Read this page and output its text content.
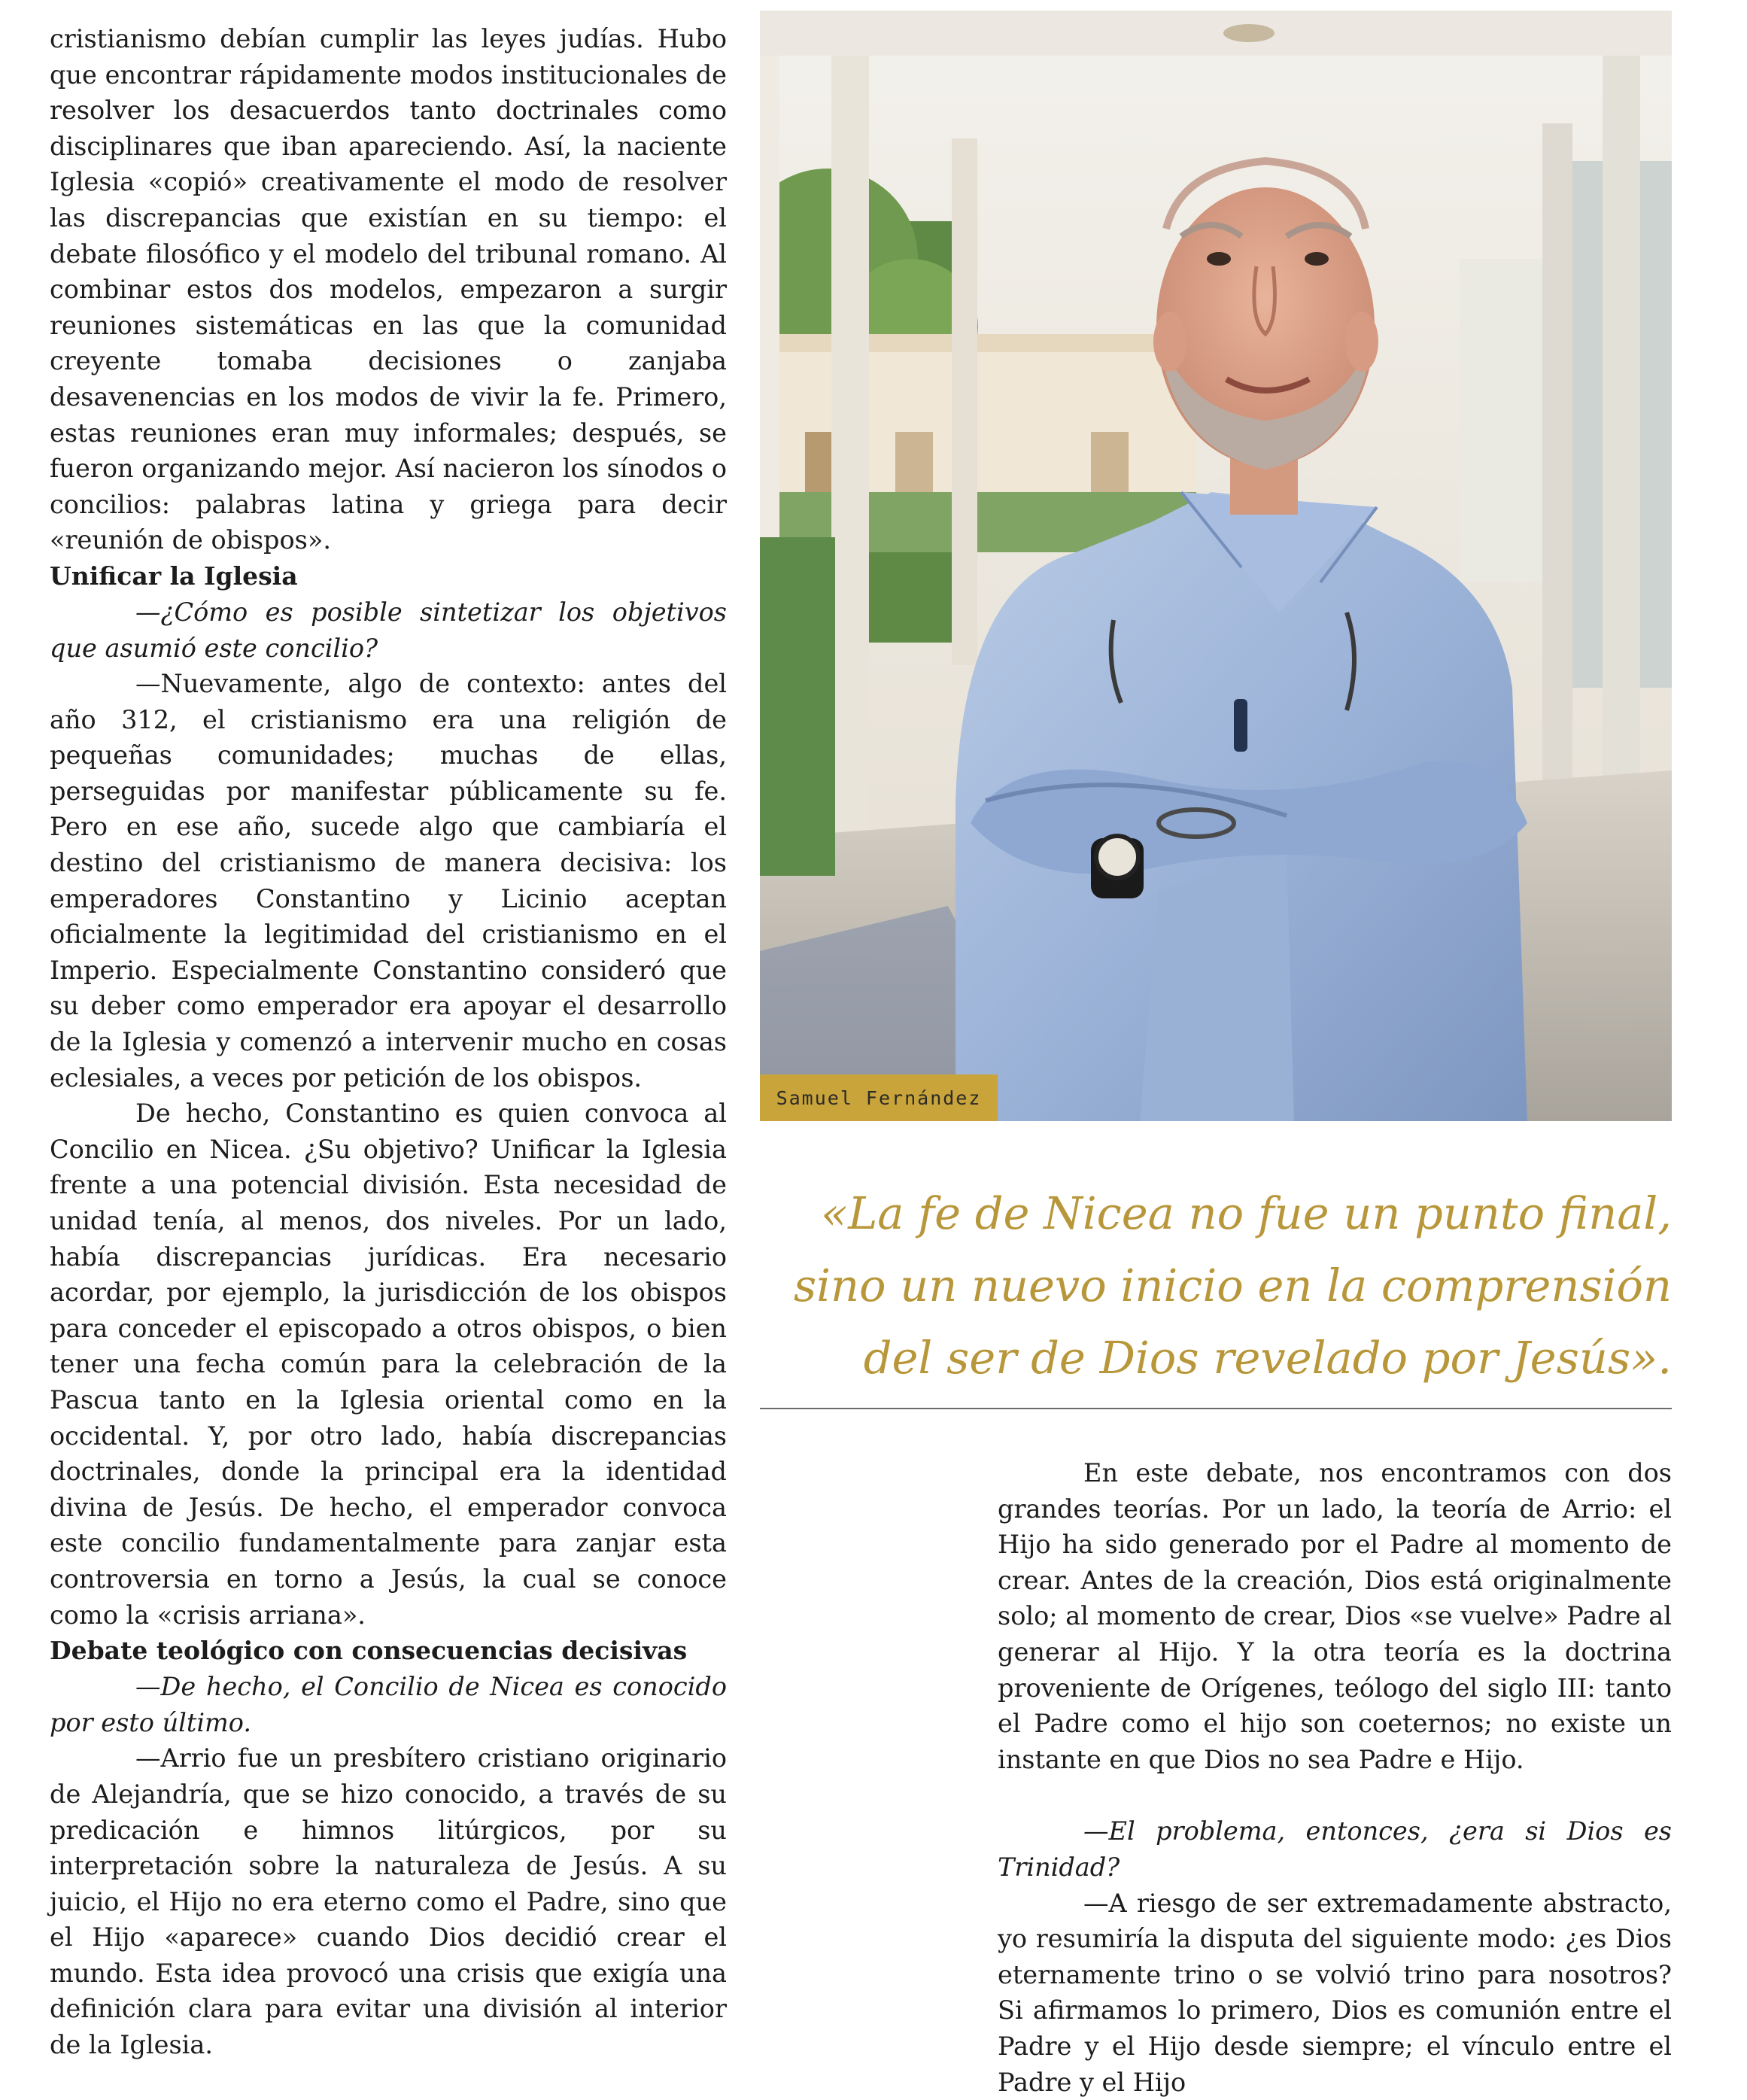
cristianismo debían cumplir las leyes judías. Hubo que encontrar rápidamente modos institucionales de resolver los desacuerdos tanto doctrinales como disciplinares que iban apareciendo. Así, la naciente Iglesia «copió» creativamente el modo de resolver las discrepancias que existían en su tiempo: el debate filosófico y el modelo del tribunal romano. Al combinar estos dos modelos, empezaron a surgir reuniones sistemáticas en las que la comunidad creyente tomaba decisiones o zanjaba desavenencias en los modos de vivir la fe. Primero, estas reuniones eran muy informales; después, se fueron organizando mejor. Así nacieron los sínodos o concilios: palabras latina y griega para decir «reunión de obispos».

Unificar la Iglesia

—¿Cómo es posible sintetizar los objetivos que asumió este concilio?

—Nuevamente, algo de contexto: antes del año 312, el cristianismo era una religión de pequeñas comunidades; muchas de ellas, perseguidas por manifestar públicamente su fe. Pero en ese año, sucede algo que cambiaría el destino del cristianismo de manera decisiva: los emperadores Constantino y Licinio aceptan oficialmente la legitimidad del cristianismo en el Imperio. Especialmente Constantino consideró que su deber como emperador era apoyar el desarrollo de la Iglesia y comenzó a intervenir mucho en cosas eclesiales, a veces por petición de los obispos.

De hecho, Constantino es quien convoca al Concilio en Nicea. ¿Su objetivo? Unificar la Iglesia frente a una potencial división. Esta necesidad de unidad tenía, al menos, dos niveles. Por un lado, había discrepancias jurídicas. Era necesario acordar, por ejemplo, la jurisdicción de los obispos para conceder el episcopado a otros obispos, o bien tener una fecha común para la celebración de la Pascua tanto en la Iglesia oriental como en la occidental. Y, por otro lado, había discrepancias doctrinales, donde la principal era la identidad divina de Jesús. De hecho, el emperador convoca este concilio fundamentalmente para zanjar esta controversia en torno a Jesús, la cual se conoce como la «crisis arriana».

Debate teológico con consecuencias decisivas

—De hecho, el Concilio de Nicea es conocido por esto último.

—Arrio fue un presbítero cristiano originario de Alejandría, que se hizo conocido, a través de su predicación e himnos litúrgicos, por su interpretación sobre la naturaleza de Jesús. A su juicio, el Hijo no era eterno como el Padre, sino que el Hijo «aparece» cuando Dios decidió crear el mundo. Esta idea provocó una crisis que exigía una definición clara para evitar una división al interior de la Iglesia.

Samuel Fernández

«La fe de Nicea no fue un punto final, sino un nuevo inicio en la comprensión del ser de Dios revelado por Jesús».

En este debate, nos encontramos con dos grandes teorías. Por un lado, la teoría de Arrio: el Hijo ha sido generado por el Padre al momento de crear. Antes de la creación, Dios está originalmente solo; al momento de crear, Dios «se vuelve» Padre al generar al Hijo. Y la otra teoría es la doctrina proveniente de Orígenes, teólogo del siglo III: tanto el Padre como el hijo son coeternos; no existe un instante en que Dios no sea Padre e Hijo.

—El problema, entonces, ¿era si Dios es Trinidad?

—A riesgo de ser extremadamente abstracto, yo resumiría la disputa del siguiente modo: ¿es Dios eternamente trino o se volvió trino para nosotros? Si afirmamos lo primero, Dios es comunión entre el Padre y el Hijo desde siempre; el vínculo entre el Padre y el Hijo
